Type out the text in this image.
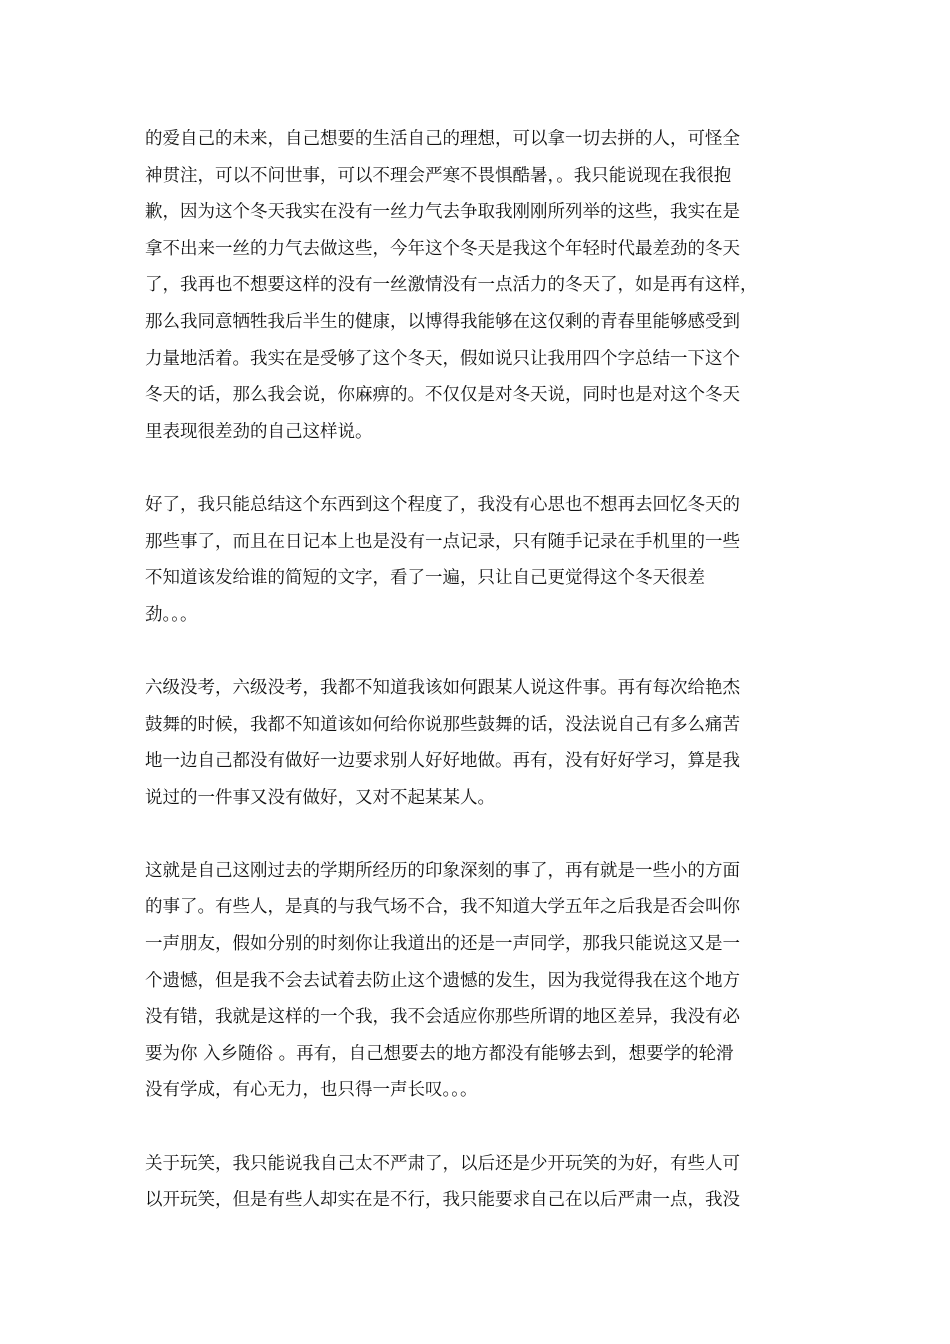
的爱自己的未来，自己想要的生活自己的理想，可以拿一切去拼的人，可怪全
神贯注，可以不问世事，可以不理会严寒不畏惧酷暑，。我只能说现在我很抱
歉，因为这个冬天我实在没有一丝力气去争取我刚刚所列举的这些，我实在是
拿不出来一丝的力气去做这些，今年这个冬天是我这个年轻时代最差劲的冬天
了，我再也不想要这样的没有一丝激情没有一点活力的冬天了，如是再有这样，
那么我同意牺牲我后半生的健康，以博得我能够在这仅剩的青春里能够感受到
力量地活着。我实在是受够了这个冬天，假如说只让我用四个字总结一下这个
冬天的话，那么我会说，你麻痹的。不仅仅是对冬天说，同时也是对这个冬天
里表现很差劲的自己这样说。
好了，我只能总结这个东西到这个程度了，我没有心思也不想再去回忆冬天的
那些事了，而且在日记本上也是没有一点记录，只有随手记录在手机里的一些
不知道该发给谁的简短的文字，看了一遍，只让自己更觉得这个冬天很差
劲。。。
六级没考，六级没考，我都不知道我该如何跟某人说这件事。再有每次给艳杰
鼓舞的时候，我都不知道该如何给你说那些鼓舞的话，没法说自己有多么痛苦
地一边自己都没有做好一边要求别人好好地做。再有，没有好好学习，算是我
说过的一件事又没有做好，又对不起某某人。
这就是自己这刚过去的学期所经历的印象深刻的事了，再有就是一些小的方面
的事了。有些人，是真的与我气场不合，我不知道大学五年之后我是否会叫你
一声朋友，假如分别的时刻你让我道出的还是一声同学，那我只能说这又是一
个遗憾，但是我不会去试着去防止这个遗憾的发生，因为我觉得我在这个地方
没有错，我就是这样的一个我，我不会适应你那些所谓的地区差异，我没有必
要为你 入乡随俗 。再有，自己想要去的地方都没有能够去到，想要学的轮滑
没有学成，有心无力，也只得一声长叹。。。
关于玩笑，我只能说我自己太不严肃了，以后还是少开玩笑的为好，有些人可
以开玩笑，但是有些人却实在是不行，我只能要求自己在以后严肃一点，我没
